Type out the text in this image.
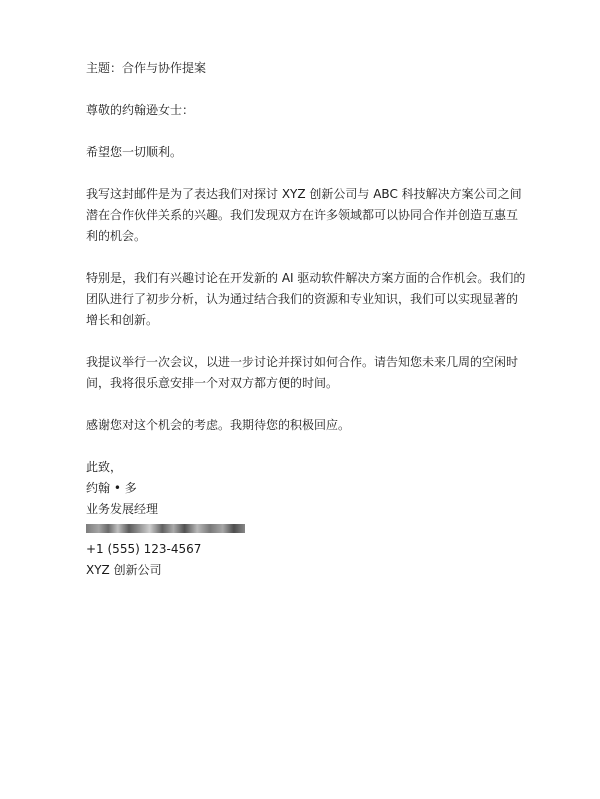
主题：合作与协作提案

尊敬的约翰逊女士：

希望您一切顺利。

我写这封邮件是为了表达我们对探讨 XYZ 创新公司与 ABC 科技解决方案公司之间潜在合作伙伴关系的兴趣。我们发现双方在许多领域都可以协同合作并创造互惠互利的机会。

特别是，我们有兴趣讨论在开发新的 AI 驱动软件解决方案方面的合作机会。我们的团队进行了初步分析，认为通过结合我们的资源和专业知识，我们可以实现显著的增长和创新。

我提议举行一次会议，以进一步讨论并探讨如何合作。请告知您未来几周的空闲时间，我将很乐意安排一个对双方都方便的时间。

感谢您对这个机会的考虑。我期待您的积极回应。

此致，

约翰 • 多

业务发展经理

+1 (555) 123-4567

XYZ 创新公司
